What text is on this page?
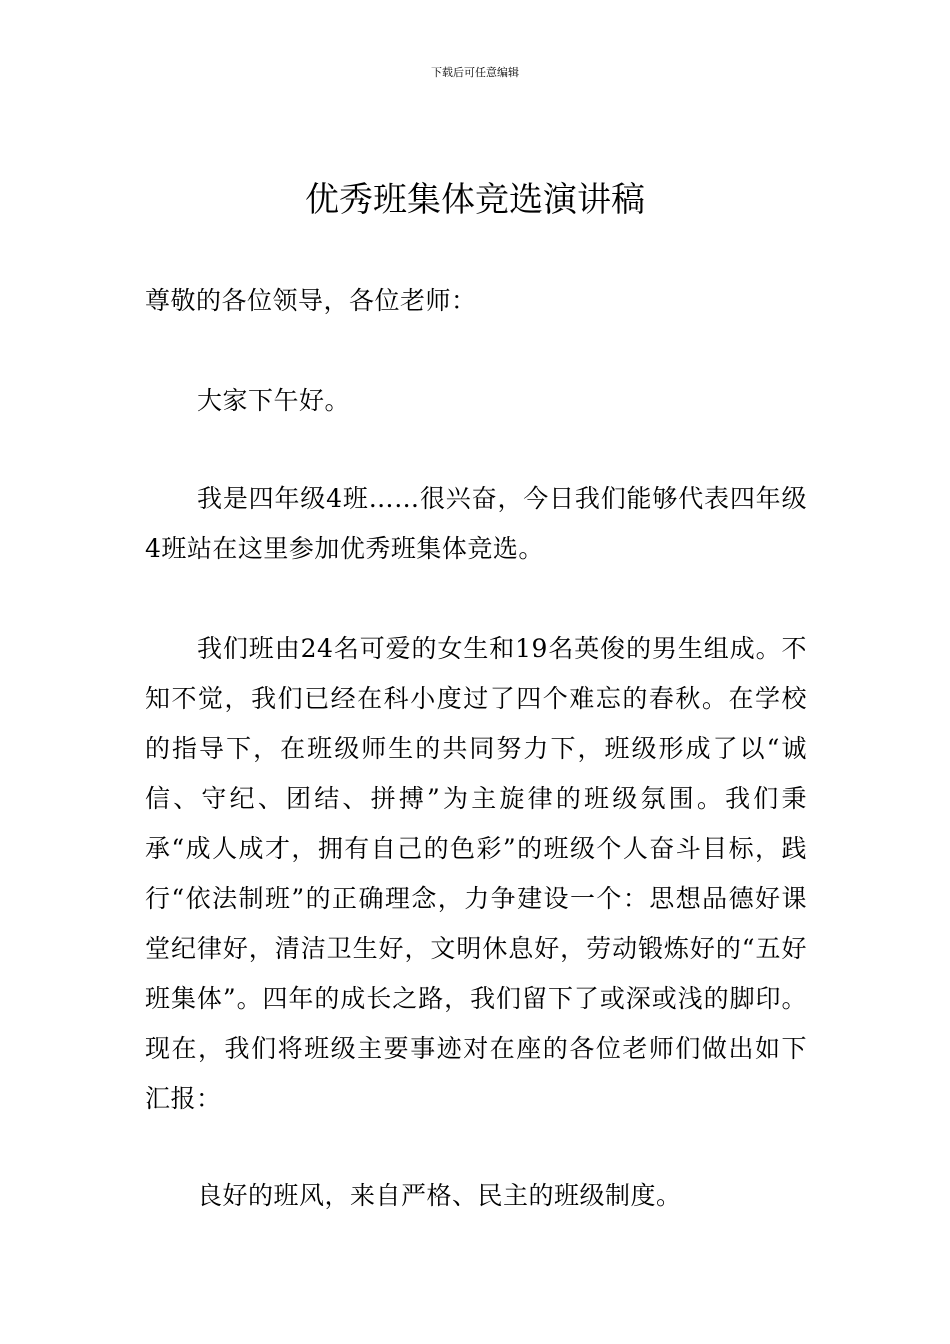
下载后可任意编辑
优秀班集体竞选演讲稿

尊敬的各位领导，各位老师：

大家下午好。

我是四年级4班……很兴奋，今日我们能够代表四年级4班站在这里参加优秀班集体竞选。

我们班由24名可爱的女生和19名英俊的男生组成。不知不觉，我们已经在科小度过了四个难忘的春秋。在学校的指导下，在班级师生的共同努力下，班级形成了以“诚信、守纪、团结、拼搏”为主旋律的班级氛围。我们秉承“成人成才，拥有自己的色彩”的班级个人奋斗目标，践行“依法制班”的正确理念，力争建设一个：思想品德好课堂纪律好，清洁卫生好，文明休息好，劳动锻炼好的“五好班集体”。四年的成长之路，我们留下了或深或浅的脚印。现在，我们将班级主要事迹对在座的各位老师们做出如下汇报：

良好的班风，来自严格、民主的班级制度。
